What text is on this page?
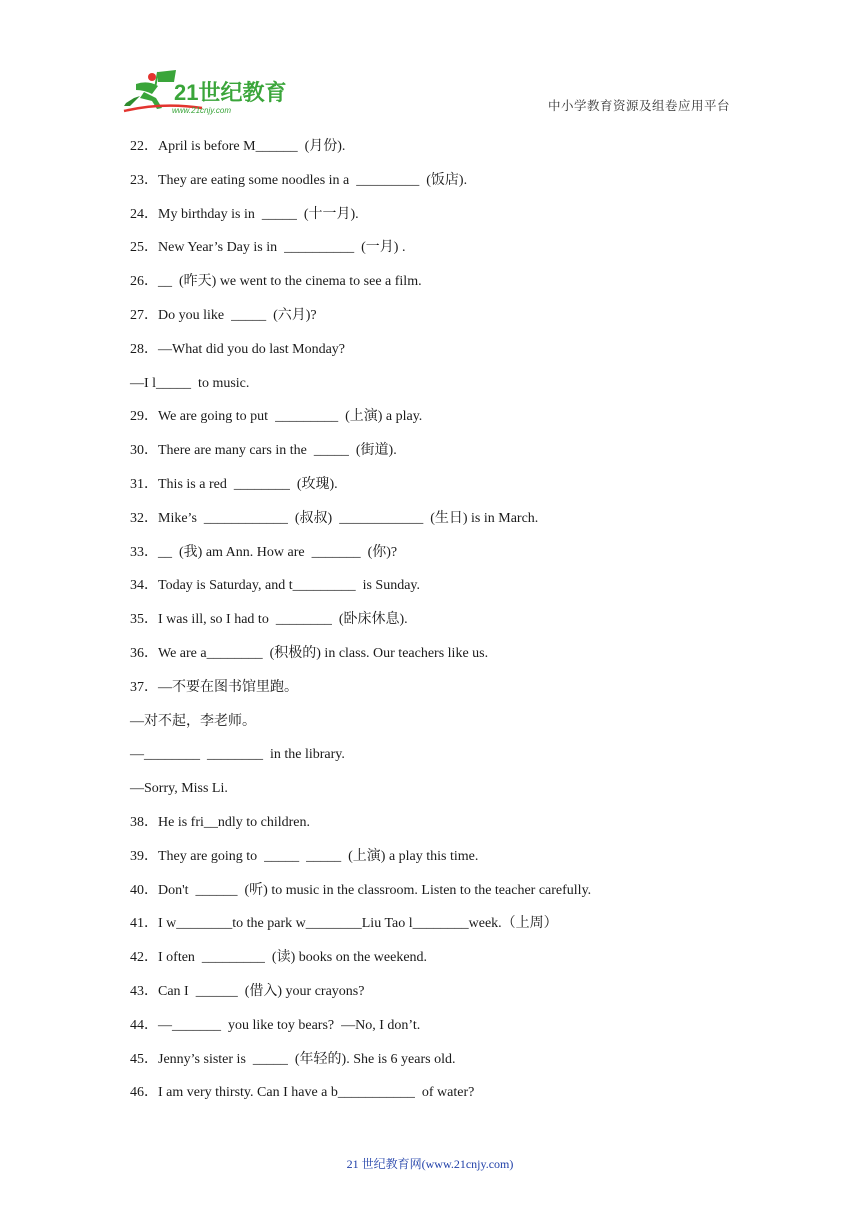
21世纪教育
www.21cnjy.com	中小学教育资源及组卷应用平台
22．April is before M______  (月份).
23．They are eating some noodles in a  _________  (饭店).
24．My birthday is in  _____  (十一月).
25．New Year’s Day is in  __________  (一月) .
26．__  (昨天) we went to the cinema to see a film.
27．Do you like  _____  (六月)?
28．—What did you do last Monday?
—I l_____  to music.
29．We are going to put  _________  (上演) a play.
30．There are many cars in the  _____  (街道).
31．This is a red  ________  (玫瑰).
32．Mike’s  ____________  (叔叔)  ____________  (生日) is in March.
33．__  (我) am Ann. How are  _______  (你)?
34．Today is Saturday, and t_________  is Sunday.
35．I was ill, so I had to  ________  (卧床休息).
36．We are a________  (积极的) in class. Our teachers like us.
37．—不要在图书馆里跑。
—对不起，李老师。
—________  ________  in the library.
—Sorry, Miss Li.
38．He is fri__ndly to children.
39．They are going to  _____  _____  (上演) a play this time.
40．Don't  ______  (听) to music in the classroom. Listen to the teacher carefully.
41．I w________to the park w________Liu Tao l________week.（上周）
42．I often  _________  (读) books on the weekend.
43．Can I  ______  (借入) your crayons?
44．—_______  you like toy bears?  —No, I don’t.
45．Jenny’s sister is  _____  (年轻的). She is 6 years old.
46．I am very thirsty. Can I have a b___________  of water?
21 世纪教育网(www.21cnjy.com)
